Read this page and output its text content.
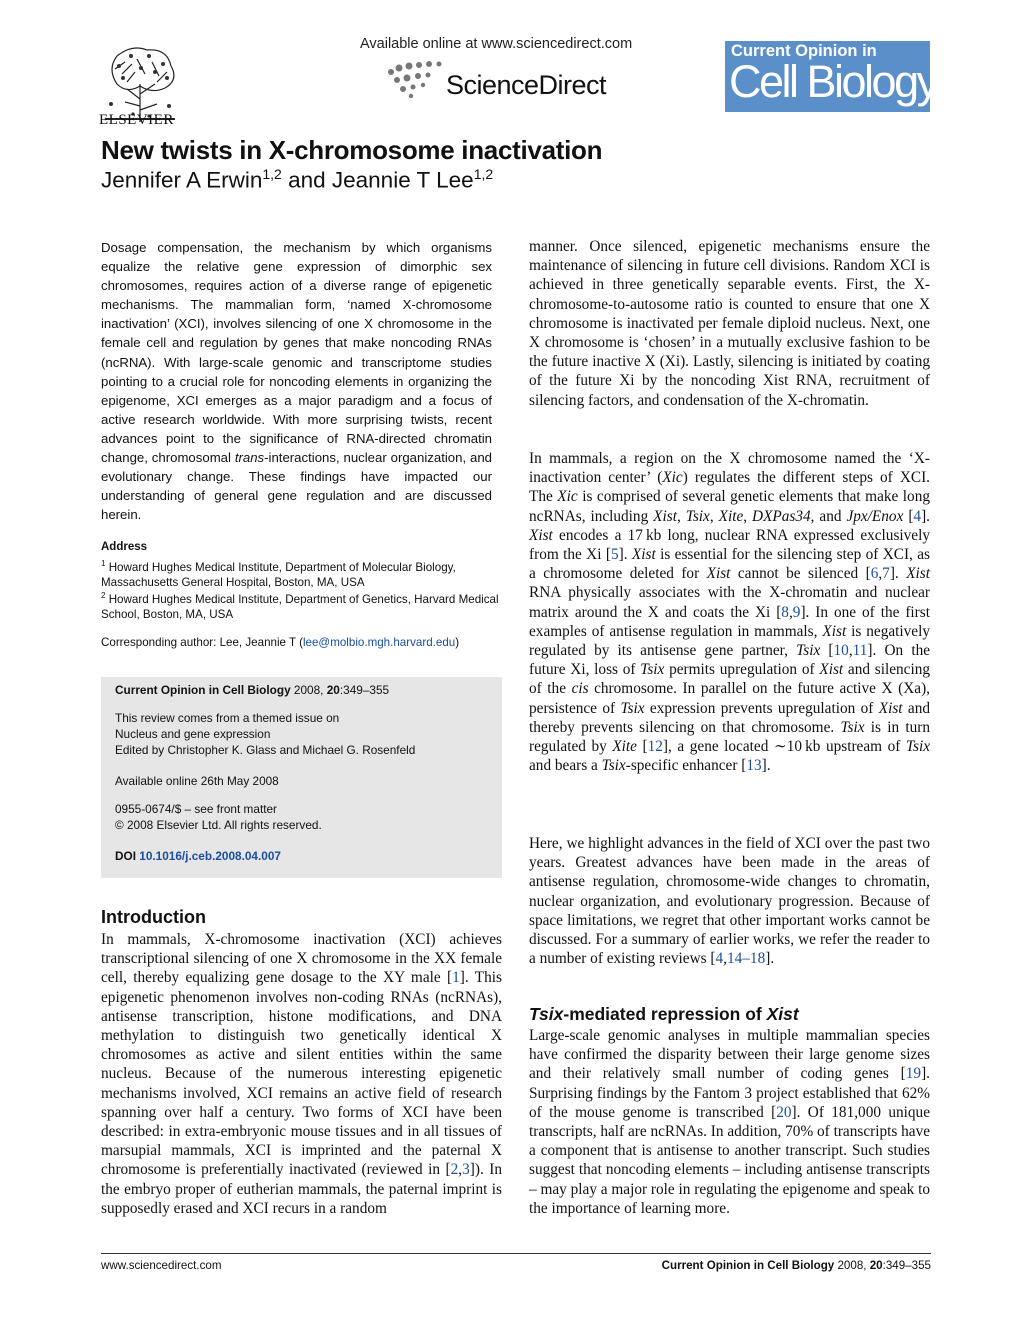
ELSEVIER
Available online at www.sciencedirect.com
ScienceDirect
Current Opinion in
Cell Biology
New twists in X-chromosome inactivation
Jennifer A Erwin$^{1,2}$ and Jeannie T Lee$^{1,2}$
Dosage compensation, the mechanism by which organisms equalize the relative gene expression of dimorphic sex chromosomes, requires action of a diverse range of epigenetic mechanisms. The mammalian form, ‘named X-chromosome inactivation’ (XCI), involves silencing of one X chromosome in the female cell and regulation by genes that make noncoding RNAs (ncRNA). With large-scale genomic and transcriptome studies pointing to a crucial role for noncoding elements in organizing the epigenome, XCI emerges as a major paradigm and a focus of active research worldwide. With more surprising twists, recent advances point to the significance of RNA-directed chromatin change, chromosomal trans-interactions, nuclear organization, and evolutionary change. These findings have impacted our understanding of general gene regulation and are discussed herein.
Address
$^1$ Howard Hughes Medical Institute, Department of Molecular Biology, Massachusetts General Hospital, Boston, MA, USA
$^2$ Howard Hughes Medical Institute, Department of Genetics, Harvard Medical School, Boston, MA, USA
Corresponding author: Lee, Jeannie T (lee@molbio.mgh.harvard.edu)
Current Opinion in Cell Biology 2008, 20:349–355
This review comes from a themed issue on
Nucleus and gene expression
Edited by Christopher K. Glass and Michael G. Rosenfeld
Available online 26th May 2008
0955-0674/$ – see front matter
© 2008 Elsevier Ltd. All rights reserved.
DOI 10.1016/j.ceb.2008.04.007
Introduction
In mammals, X-chromosome inactivation (XCI) achieves transcriptional silencing of one X chromosome in the XX female cell, thereby equalizing gene dosage to the XY male [1]. This epigenetic phenomenon involves non-coding RNAs (ncRNAs), antisense transcription, histone modifications, and DNA methylation to distinguish two genetically identical X chromosomes as active and silent entities within the same nucleus. Because of the numerous interesting epigenetic mechanisms involved, XCI remains an active field of research spanning over half a century. Two forms of XCI have been described: in extra-embryonic mouse tissues and in all tissues of marsupial mammals, XCI is imprinted and the paternal X chromosome is preferentially inactivated (reviewed in [2,3]). In the embryo proper of eutherian mammals, the paternal imprint is supposedly erased and XCI recurs in a random
manner. Once silenced, epigenetic mechanisms ensure the maintenance of silencing in future cell divisions. Random XCI is achieved in three genetically separable events. First, the X-chromosome-to-autosome ratio is counted to ensure that one X chromosome is inactivated per female diploid nucleus. Next, one X chromosome is ‘chosen’ in a mutually exclusive fashion to be the future inactive X (Xi). Lastly, silencing is initiated by coating of the future Xi by the noncoding Xist RNA, recruitment of silencing factors, and condensation of the X-chromatin.
In mammals, a region on the X chromosome named the ‘X-inactivation center’ (Xic) regulates the different steps of XCI. The Xic is comprised of several genetic elements that make long ncRNAs, including Xist, Tsix, Xite, DXPas34, and Jpx/Enox [4]. Xist encodes a 17 kb long, nuclear RNA expressed exclusively from the Xi [5]. Xist is essential for the silencing step of XCI, as a chromosome deleted for Xist cannot be silenced [6,7]. Xist RNA physically associates with the X-chromatin and nuclear matrix around the X and coats the Xi [8,9]. In one of the first examples of antisense regulation in mammals, Xist is negatively regulated by its antisense gene partner, Tsix [10,11]. On the future Xi, loss of Tsix permits upregulation of Xist and silencing of the cis chromosome. In parallel on the future active X (Xa), persistence of Tsix expression prevents upregulation of Xist and thereby prevents silencing on that chromosome. Tsix is in turn regulated by Xite [12], a gene located ∼10 kb upstream of Tsix and bears a Tsix-specific enhancer [13].
Here, we highlight advances in the field of XCI over the past two years. Greatest advances have been made in the areas of antisense regulation, chromosome-wide changes to chromatin, nuclear organization, and evolutionary progression. Because of space limitations, we regret that other important works cannot be discussed. For a summary of earlier works, we refer the reader to a number of existing reviews [4,14–18].
Tsix-mediated repression of Xist
Large-scale genomic analyses in multiple mammalian species have confirmed the disparity between their large genome sizes and their relatively small number of coding genes [19]. Surprising findings by the Fantom 3 project established that 62% of the mouse genome is transcribed [20]. Of 181,000 unique transcripts, half are ncRNAs. In addition, 70% of transcripts have a component that is antisense to another transcript. Such studies suggest that noncoding elements – including antisense transcripts – may play a major role in regulating the epigenome and speak to the importance of learning more.
www.sciencedirect.com	Current Opinion in Cell Biology 2008, 20:349–355
